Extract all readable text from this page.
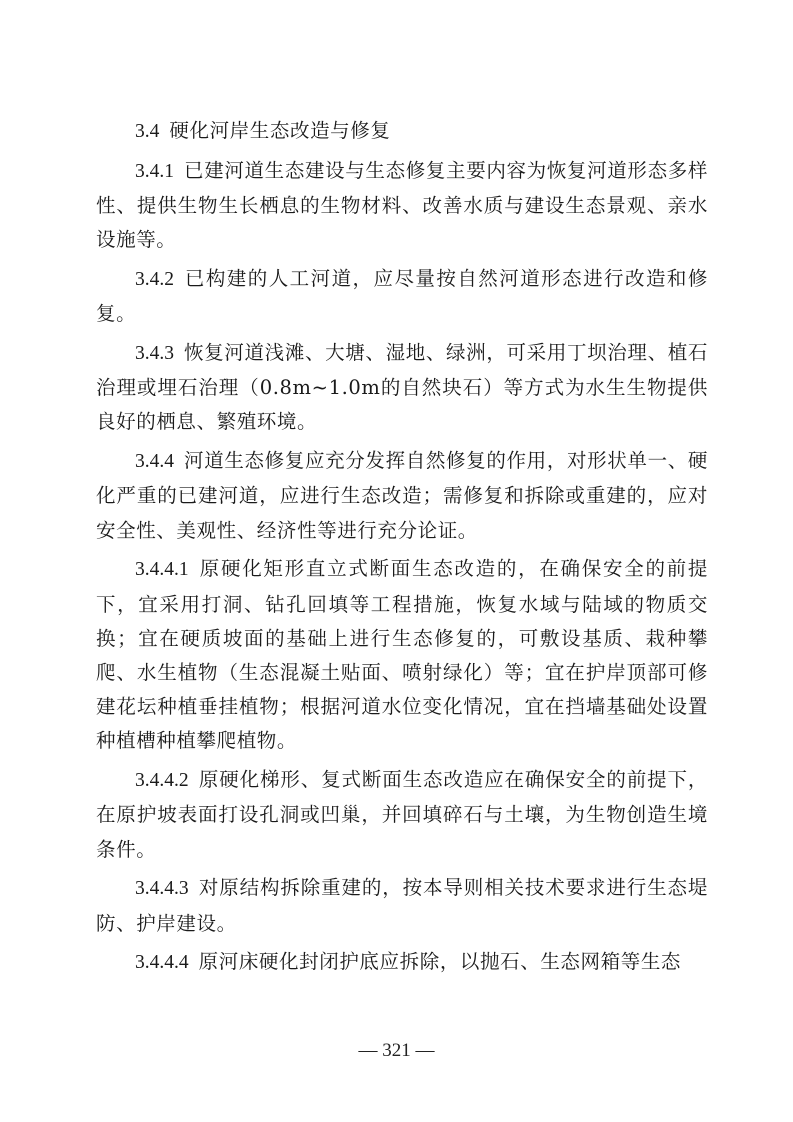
3.4 硬化河岸生态改造与修复

3.4.1 已建河道生态建设与生态修复主要内容为恢复河道形态多样性、提供生物生长栖息的生物材料、改善水质与建设生态景观、亲水设施等。

3.4.2 已构建的人工河道，应尽量按自然河道形态进行改造和修复。

3.4.3 恢复河道浅滩、大塘、湿地、绿洲，可采用丁坝治理、植石治理或埋石治理（0.8m~1.0m的自然块石）等方式为水生生物提供良好的栖息、繁殖环境。

3.4.4 河道生态修复应充分发挥自然修复的作用，对形状单一、硬化严重的已建河道，应进行生态改造；需修复和拆除或重建的，应对安全性、美观性、经济性等进行充分论证。

3.4.4.1 原硬化矩形直立式断面生态改造的，在确保安全的前提下，宜采用打洞、钻孔回填等工程措施，恢复水域与陆域的物质交换；宜在硬质坡面的基础上进行生态修复的，可敷设基质、栽种攀爬、水生植物（生态混凝土贴面、喷射绿化）等；宜在护岸顶部可修建花坛种植垂挂植物；根据河道水位变化情况，宜在挡墙基础处设置种植槽种植攀爬植物。

3.4.4.2 原硬化梯形、复式断面生态改造应在确保安全的前提下，在原护坡表面打设孔洞或凹巢，并回填碎石与土壤，为生物创造生境条件。

3.4.4.3 对原结构拆除重建的，按本导则相关技术要求进行生态堤防、护岸建设。

3.4.4.4 原河床硬化封闭护底应拆除，以抛石、生态网箱等生态

— 321 —
